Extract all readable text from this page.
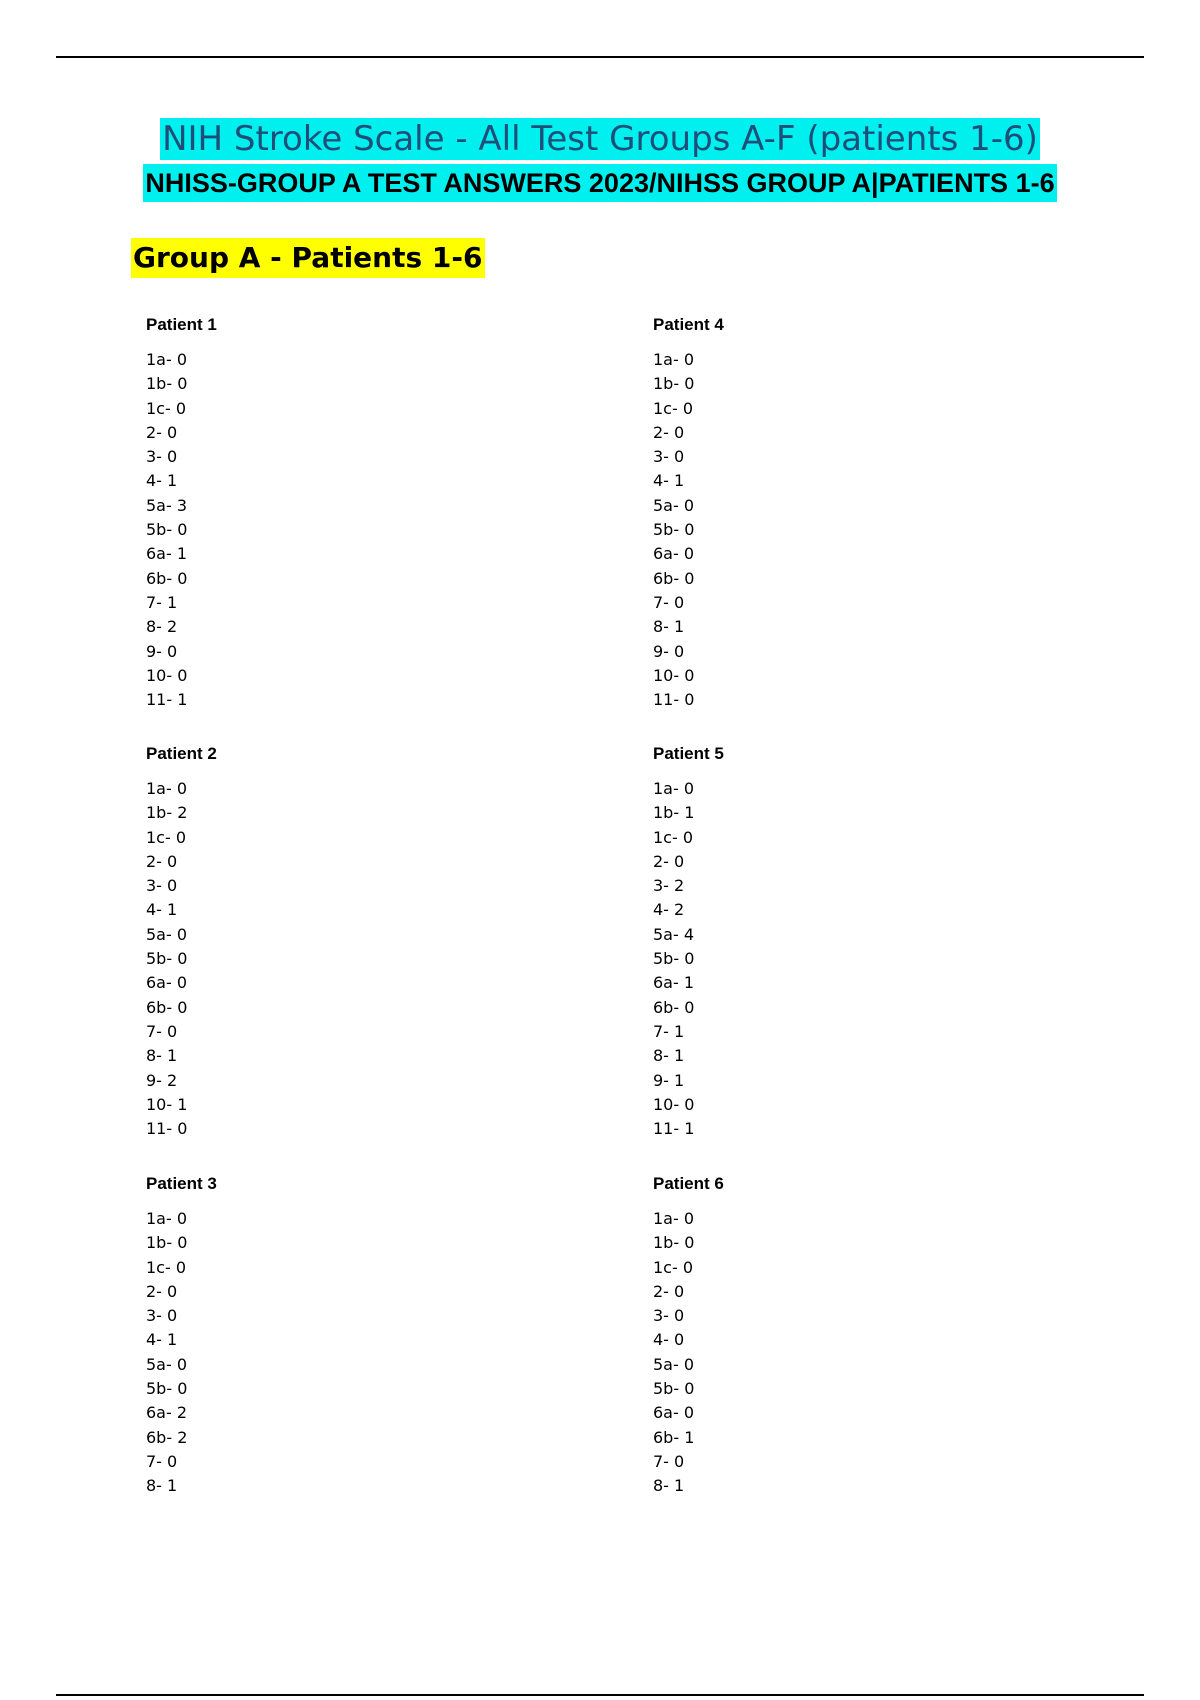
NIH Stroke Scale - All Test Groups A-F (patients 1-6)
NHISS-GROUP A TEST ANSWERS 2023/NIHSS GROUP A|PATIENTS 1-6
Group A - Patients 1-6
Patient 1
1a- 0
1b- 0
1c- 0
2- 0
3- 0
4- 1
5a- 3
5b- 0
6a- 1
6b- 0
7- 1
8- 2
9- 0
10- 0
11- 1
Patient 2
1a- 0
1b- 2
1c- 0
2- 0
3- 0
4- 1
5a- 0
5b- 0
6a- 0
6b- 0
7- 0
8- 1
9- 2
10- 1
11- 0
Patient 3
1a- 0
1b- 0
1c- 0
2- 0
3- 0
4- 1
5a- 0
5b- 0
6a- 2
6b- 2
7- 0
8- 1
Patient 4
1a- 0
1b- 0
1c- 0
2- 0
3- 0
4- 1
5a- 0
5b- 0
6a- 0
6b- 0
7- 0
8- 1
9- 0
10- 0
11- 0
Patient 5
1a- 0
1b- 1
1c- 0
2- 0
3- 2
4- 2
5a- 4
5b- 0
6a- 1
6b- 0
7- 1
8- 1
9- 1
10- 0
11- 1
Patient 6
1a- 0
1b- 0
1c- 0
2- 0
3- 0
4- 0
5a- 0
5b- 0
6a- 0
6b- 1
7- 0
8- 1
